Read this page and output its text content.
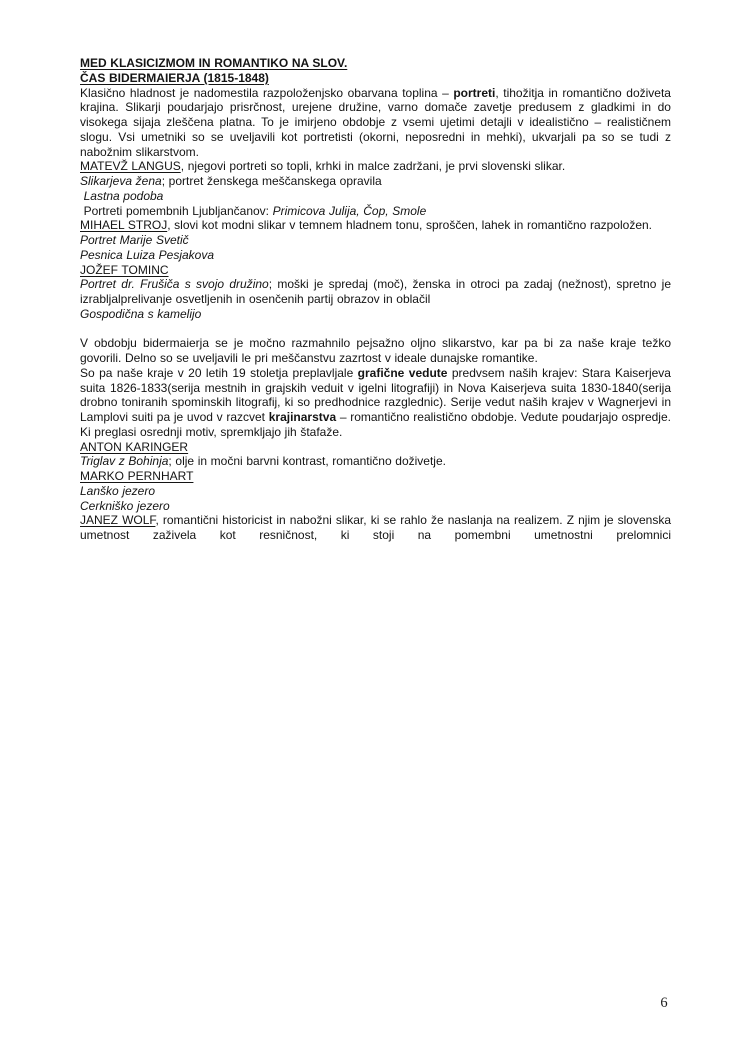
MED KLASICIZMOM IN ROMANTIKO NA SLOV.

ČAS BIDERMAIERJA (1815-1848)

Klasično hladnost je nadomestila razpoloženjsko obarvana toplina – portreti, tihožitja in romantično doživeta krajina. Slikarji poudarjajo prisrčnost, urejene družine, varno domače zavetje predusem z gladkimi in do visokega sijaja zleščena platna. To je imirjeno obdobje z vsemi ujetimi detajli v idealistično – realističnem slogu. Vsi umetniki so se uveljavili kot portretisti (okorni, neposredni in mehki), ukvarjali pa so se tudi z nabožnim slikarstvom.

MATEVŽ LANGUS, njegovi portreti so topli, krhki in malce zadržani, je prvi slovenski slikar.

Slikarjeva žena; portret ženskega meščanskega opravila

Lastna podoba

Portreti pomembnih Ljubljančanov: Primicova Julija, Čop, Smole

MIHAEL STROJ, slovi kot modni slikar v temnem hladnem tonu, sproščen, lahek in romantično razpoložen.

Portret Marije Svetič

Pesnica Luiza Pesjakova

JOŽEF TOMINC

Portret dr. Frušiča s svojo družino; moški je spredaj (moč), ženska in otroci pa zadaj (nežnost), spretno je izrabljalprelivanje osvetljenih in osenčenih partij obrazov in oblačil

Gospodična s kamelijo

V obdobju bidermaierja se je močno razmahnilo pejsažno oljno slikarstvo, kar pa bi za naše kraje težko govorili. Delno so se uveljavili le pri meščanstvu zazrtost v ideale dunajske romantike.

So pa naše kraje v 20 letih 19 stoletja preplavljale grafične vedute predvsem naših krajev: Stara Kaiserjeva suita 1826-1833(serija mestnih in grajskih veduit v igelni litografiji) in Nova Kaiserjeva suita 1830-1840(serija drobno toniranih spominskih litografij, ki so predhodnice razglednic). Serije vedut naših krajev v Wagnerjevi in Lamplovi suiti pa je uvod v razcvet krajinarstva – romantično realistično obdobje. Vedute poudarjajo ospredje. Ki preglasi osrednji motiv, spremkljajo jih štafaže.

ANTON KARINGER

Triglav z Bohinja; olje in močni barvni kontrast, romantično doživetje.

MARKO PERNHART

Lanško jezero

Cerkniško jezero

JANEZ WOLF, romantični historicist in nabožni slikar, ki se rahlo že naslanja na realizem. Z njim je slovenska umetnost zaživela kot resničnost, ki stoji na pomembni umetnostni prelomnici

6
